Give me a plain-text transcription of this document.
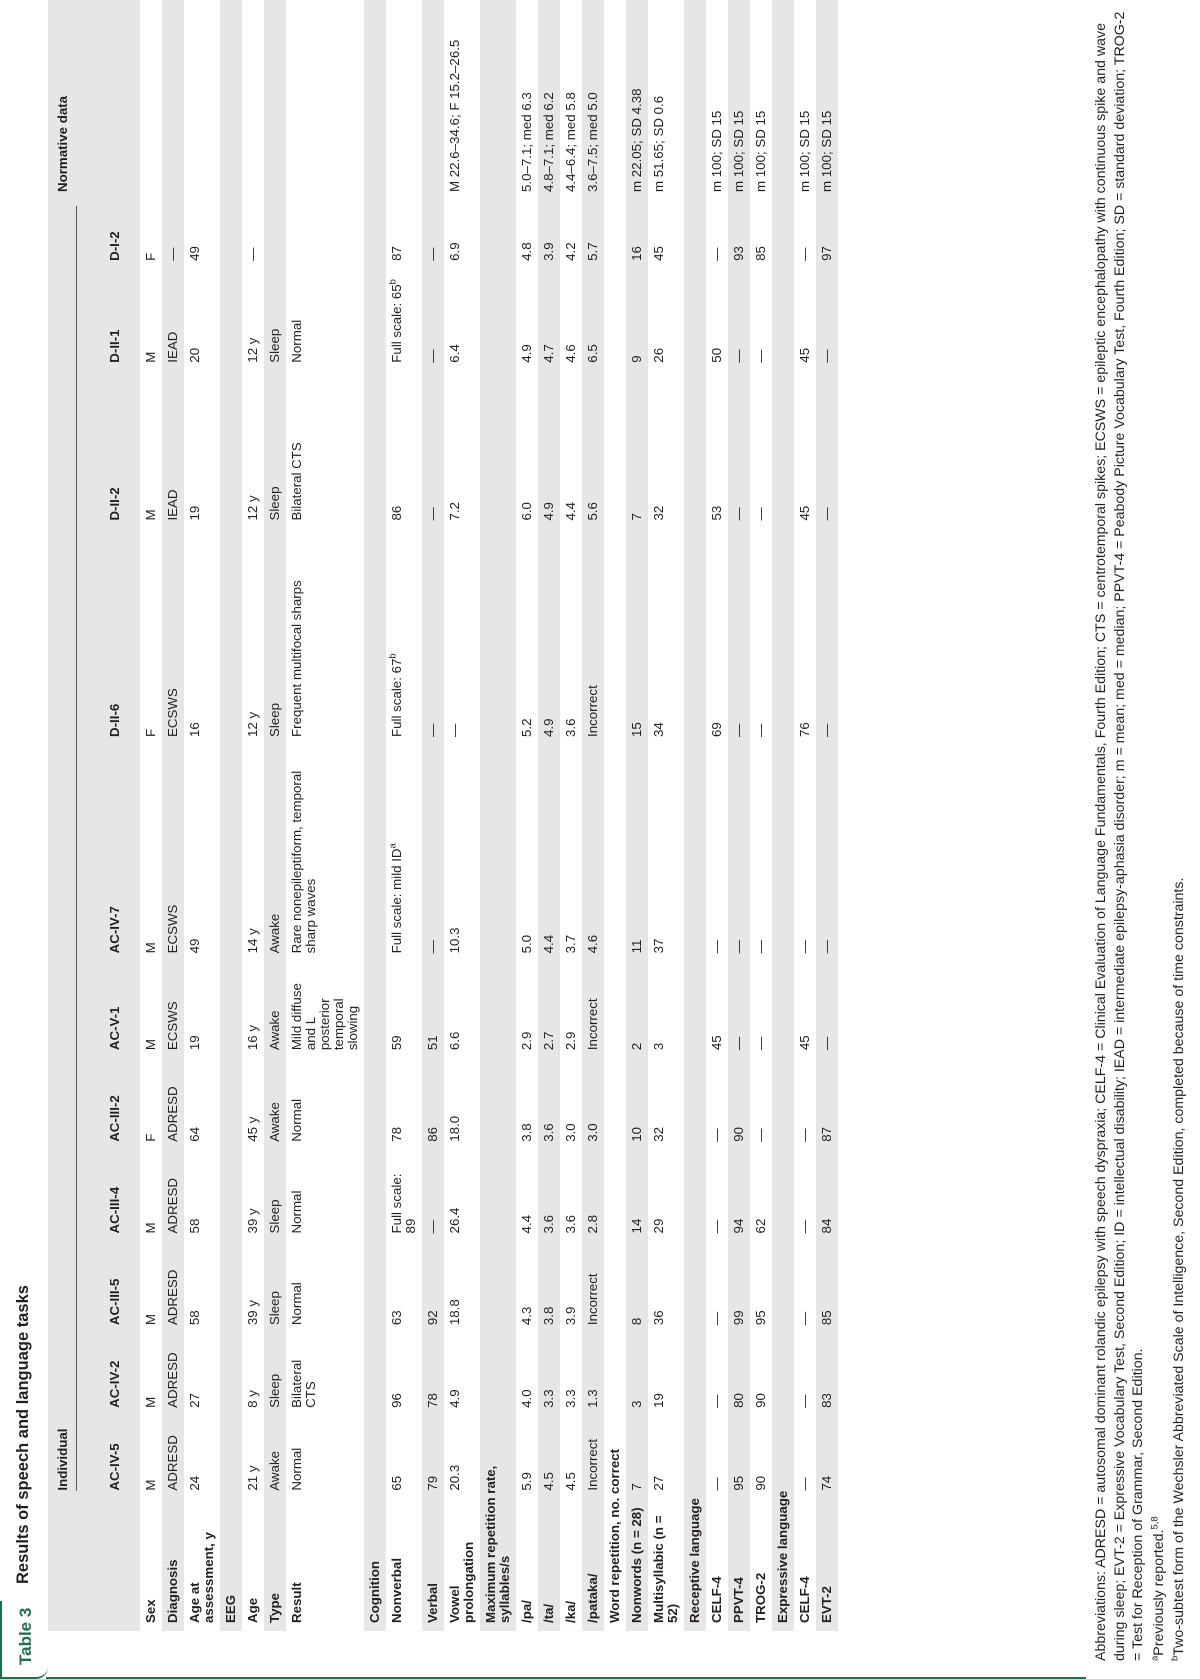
Table 3
Results of speech and language tasks

	Individual											Normative data
	AC-IV-5	AC-IV-2	AC-III-5	AC-III-4	AC-III-2	AC-V-1	AC-IV-7	D-II-6	D-II-2	D-II-1	D-I-2	
Sex	M	M	M	M	F	M	M	F	M	M	F	
Diagnosis	ADRESD	ADRESD	ADRESD	ADRESD	ADRESD	ECSWS	ECSWS	ECSWS	IEAD	IEAD	—	
Age at assessment, y	24	27	58	58	64	19	49	16	19	20	49	
EEG												
Age	21 y	8 y	39 y	39 y	45 y	16 y	14 y	12 y	12 y	12 y	—	
Type	Awake	Sleep	Sleep	Sleep	Awake	Awake	Awake	Sleep	Sleep	Sleep		
Result	Normal	Bilateral CTS	Normal	Normal	Normal	Mild diffuse and L posterior temporal slowing	Rare nonepileptiform, temporal sharp waves	Frequent multifocal sharps	Bilateral CTS	Normal		
Cognition												
Nonverbal	65	96	63	Full scale: 89	78	59	Full scale: mild $ID^a$	Full scale: 67$^b$	86	Full scale: 65$^b$	87	
Verbal	79	78	92	—	86	51	—	—	—	—	—	
Vowel prolongation	20.3	4.9	18.8	26.4	18.0	6.6	10.3	—	7.2	6.4	6.9	M 22.6–34.6; F 15.2–26.5
Maximum repetition rate, syllables/s												
/pa/	5.9	4.0	4.3	4.4	3.8	2.9	5.0	5.2	6.0	4.9	4.8	5.0–7.1; med 6.3
/ta/	4.5	3.3	3.8	3.6	3.6	2.7	4.4	4.9	4.9	4.7	3.9	4.8–7.1; med 6.2
/ka/	4.5	3.3	3.9	3.6	3.0	2.9	3.7	3.6	4.4	4.6	4.2	4.4–6.4; med 5.8
/pataka/	Incorrect	1.3	Incorrect	2.8	3.0	Incorrect	4.6	Incorrect	5.6	6.5	5.7	3.6–7.5; med 5.0
Word repetition, no. correct												
Nonwords (n = 28)	7	3	8	14	10	2	11	15	7	9	16	m 22.05; SD 4.38
Multisyllabic (n = 52)	27	19	36	29	32	3	37	34	32	26	45	m 51.65; SD 0.6
Receptive language												
CELF-4	—	—	—	—	—	45	—	69	53	50	—	m 100; SD 15
PPVT-4	95	80	99	94	90	—	—	—	—	—	93	m 100; SD 15
TROG-2	90	90	95	62	—	—	—	—	—	—	85	m 100; SD 15
Expressive language												
CELF-4	—	—	—	—	—	45	—	76	45	45	—	m 100; SD 15
EVT-2	74	83	85	84	87	—	—	—	—	—	97	m 100; SD 15	Abbreviations: ADRESD = autosomal dominant rolandic epilepsy with speech dyspraxia; CELF-4 = Clinical Evaluation of Language Fundamentals, Fourth Edition; CTS = centrotemporal spikes; ECSWS = epileptic encephalopathy with continuous spike and wave during sleep; EVT-2 = Expressive Vocabulary Test, Second Edition; ID = intellectual disability; IEAD = intermediate epilepsy-aphasia disorder; m = mean; med = median; PPVT-4 = Peabody Picture Vocabulary Test, Fourth Edition; SD = standard deviation; TROG-2 = Test for Reception of Grammar, Second Edition. $^a$Previously reported.$^{5,8}$

$^b$Two-subtest form of the Wechsler Abbreviated Scale of Intelligence, Second Edition, completed because of time constraints.
